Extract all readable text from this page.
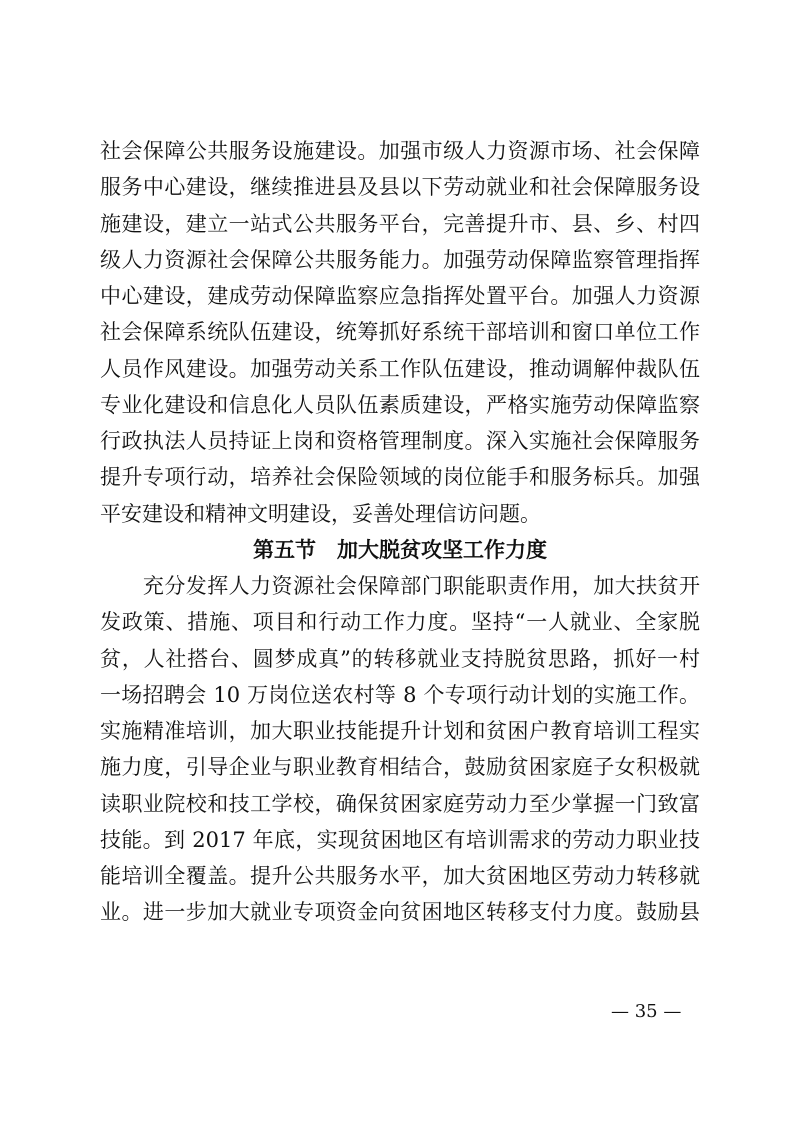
社会保障公共服务设施建设。加强市级人力资源市场、社会保障
服务中心建设，继续推进县及县以下劳动就业和社会保障服务设
施建设，建立一站式公共服务平台，完善提升市、县、乡、村四
级人力资源社会保障公共服务能力。加强劳动保障监察管理指挥
中心建设，建成劳动保障监察应急指挥处置平台。加强人力资源
社会保障系统队伍建设，统筹抓好系统干部培训和窗口单位工作
人员作风建设。加强劳动关系工作队伍建设，推动调解仲裁队伍
专业化建设和信息化人员队伍素质建设，严格实施劳动保障监察
行政执法人员持证上岗和资格管理制度。深入实施社会保障服务
提升专项行动，培养社会保险领域的岗位能手和服务标兵。加强
平安建设和精神文明建设，妥善处理信访问题。
第五节　加大脱贫攻坚工作力度
　　充分发挥人力资源社会保障部门职能职责作用，加大扶贫开
发政策、措施、项目和行动工作力度。坚持“一人就业、全家脱
贫，人社搭台、圆梦成真”的转移就业支持脱贫思路，抓好一村
一场招聘会 10 万岗位送农村等 8 个专项行动计划的实施工作。
实施精准培训，加大职业技能提升计划和贫困户教育培训工程实
施力度，引导企业与职业教育相结合，鼓励贫困家庭子女积极就
读职业院校和技工学校，确保贫困家庭劳动力至少掌握一门致富
技能。到 2017 年底，实现贫困地区有培训需求的劳动力职业技
能培训全覆盖。提升公共服务水平，加大贫困地区劳动力转移就
业。进一步加大就业专项资金向贫困地区转移支付力度。鼓励县
— 35 —
